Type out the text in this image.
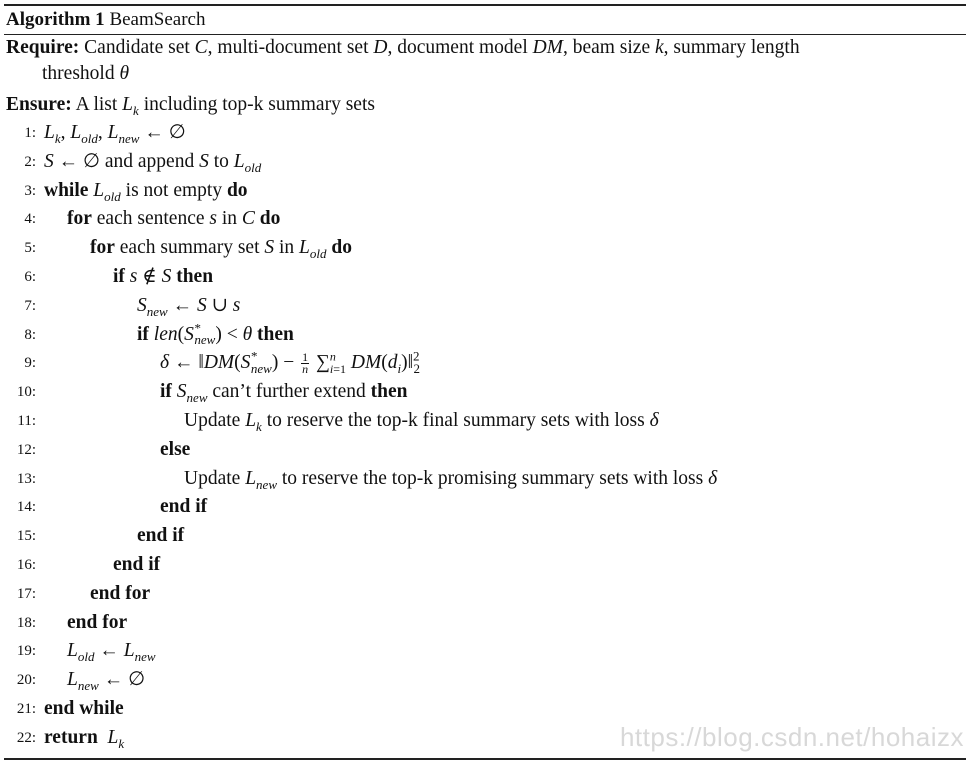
Algorithm 1 BeamSearch
Require: Candidate set C, multi-document set D, document model DM, beam size k, summary length
threshold θ
Ensure: A list $L_k$ including top-k summary sets
1: $L_k$, $L_{old}$, $L_{new}$ ← ∅
2: S ← ∅ and append S to $L_{old}$
3: while $L_{old}$ is not empty do
4: for each sentence s in C do
5:	for each summary set S in $L_{old}$ do
6:	if s ∉ S then
7:	$S_{new}$ ← S ∪ s
8:	if $len(S^*_{new}) < \theta$ then
9:	δ ← $‖DM(S^*_{new}) - \frac{1}{n} \sum^n_{i=1}$ $DM(d_i)‖^2_2$
10:	if $S_{new}$ can’t further extend then
11:	Update $L_k$ to reserve the top-k final summary sets with loss δ
12:	else
13:	Update $L_{new}$ to reserve the top-k promising summary sets with loss δ
14:	end if
15:	end if
16:	end if
17:	end for
18: end for
19: $L_{old}$ ← $L_{new}$
20: $L_{new}$ ← ∅
21: end while
22: return $L_k$	https://blog.csdn.net/hohaizx
